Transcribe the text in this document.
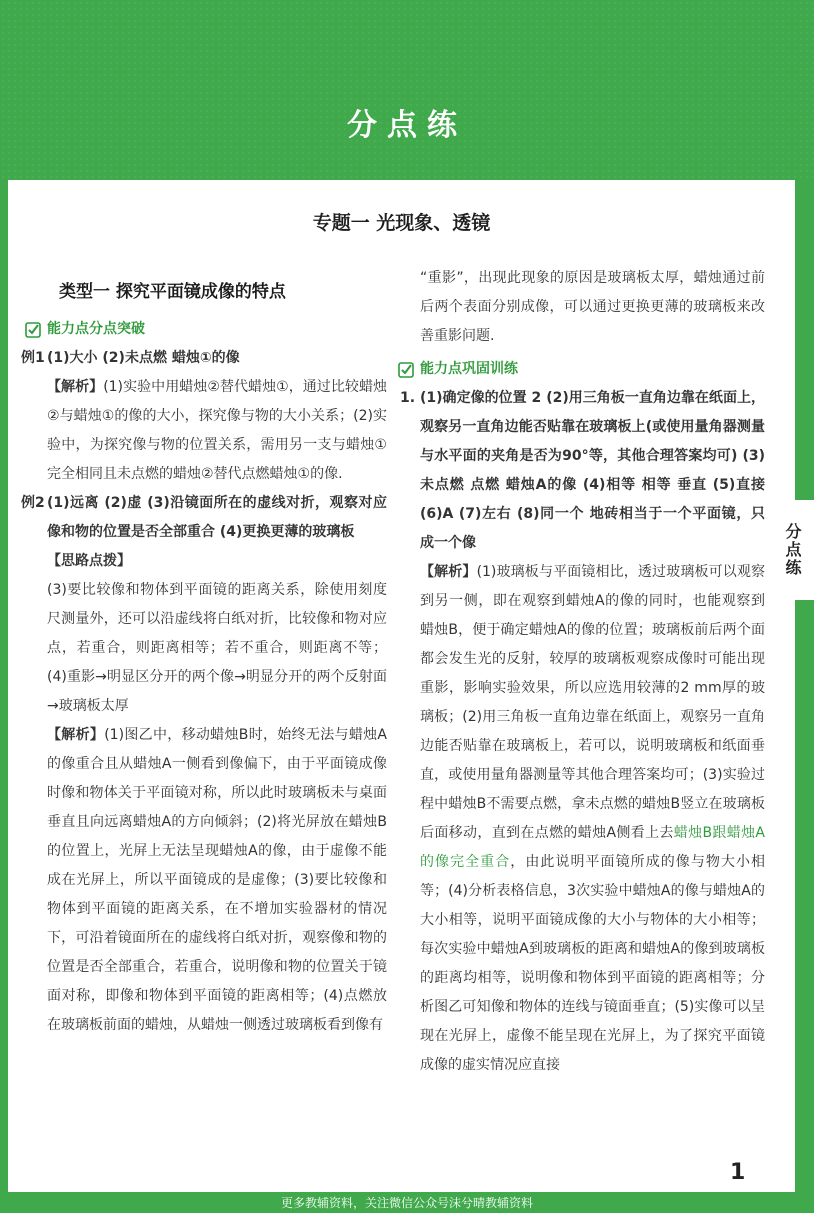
分点练
分点练
专题一 光现象、透镜

类型一 探究平面镜成像的特点

能力点分点突破

例1 (1)大小 (2)未点燃 蜡烛①的像

【解析】(1)实验中用蜡烛②替代蜡烛①，通过比较蜡烛②与蜡烛①的像的大小，探究像与物的大小关系；(2)实验中，为探究像与物的位置关系，需用另一支与蜡烛①完全相同且未点燃的蜡烛②替代点燃蜡烛①的像.

例2 (1)远离 (2)虚 (3)沿镜面所在的虚线对折，观察对应像和物的位置是否全部重合 (4)更换更薄的玻璃板

【思路点拨】

(3)要比较像和物体到平面镜的距离关系，除使用刻度尺测量外，还可以沿虚线将白纸对折，比较像和物对应点，若重合，则距离相等；若不重合，则距离不等；(4)重影→明显区分开的两个像→明显分开的两个反射面→玻璃板太厚

【解析】(1)图乙中，移动蜡烛B时，始终无法与蜡烛A的像重合且从蜡烛A一侧看到像偏下，由于平面镜成像时像和物体关于平面镜对称，所以此时玻璃板未与桌面垂直且向远离蜡烛A的方向倾斜；(2)将光屏放在蜡烛B的位置上，光屏上无法呈现蜡烛A的像，由于虚像不能成在光屏上，所以平面镜成的是虚像；(3)要比较像和物体到平面镜的距离关系，在不增加实验器材的情况下，可沿着镜面所在的虚线将白纸对折，观察像和物的位置是否全部重合，若重合，说明像和物的位置关于镜面对称，即像和物体到平面镜的距离相等；(4)点燃放在玻璃板前面的蜡烛，从蜡烛一侧透过玻璃板看到像有

“重影”，出现此现象的原因是玻璃板太厚，蜡烛通过前后两个表面分别成像，可以通过更换更薄的玻璃板来改善重影问题.

能力点巩固训练

1. (1)确定像的位置 2 (2)用三角板一直角边靠在纸面上，观察另一直角边能否贴靠在玻璃板上(或使用量角器测量与水平面的夹角是否为90°等，其他合理答案均可) (3)未点燃 点燃 蜡烛A的像 (4)相等 相等 垂直 (5)直接 (6)A (7)左右 (8)同一个 地砖相当于一个平面镜，只成一个像

【解析】(1)玻璃板与平面镜相比，透过玻璃板可以观察到另一侧，即在观察到蜡烛A的像的同时，也能观察到蜡烛B，便于确定蜡烛A的像的位置；玻璃板前后两个面都会发生光的反射，较厚的玻璃板观察成像时可能出现重影，影响实验效果，所以应选用较薄的2 mm厚的玻璃板；(2)用三角板一直角边靠在纸面上，观察另一直角边能否贴靠在玻璃板上，若可以，说明玻璃板和纸面垂直，或使用量角器测量等其他合理答案均可；(3)实验过程中蜡烛B不需要点燃，拿未点燃的蜡烛B竖立在玻璃板后面移动，直到在点燃的蜡烛A侧看上去蜡烛B跟蜡烛A的像完全重合，由此说明平面镜所成的像与物大小相等；(4)分析表格信息，3次实验中蜡烛A的像与蜡烛A的大小相等，说明平面镜成像的大小与物体的大小相等；每次实验中蜡烛A到玻璃板的距离和蜡烛A的像到玻璃板的距离均相等，说明像和物体到平面镜的距离相等；分析图乙可知像和物体的连线与镜面垂直；(5)实像可以呈现在光屏上，虚像不能呈现在光屏上，为了探究平面镜成像的虚实情况应直接

1
更多教辅资料，关注微信公众号沫兮晴教辅资料
